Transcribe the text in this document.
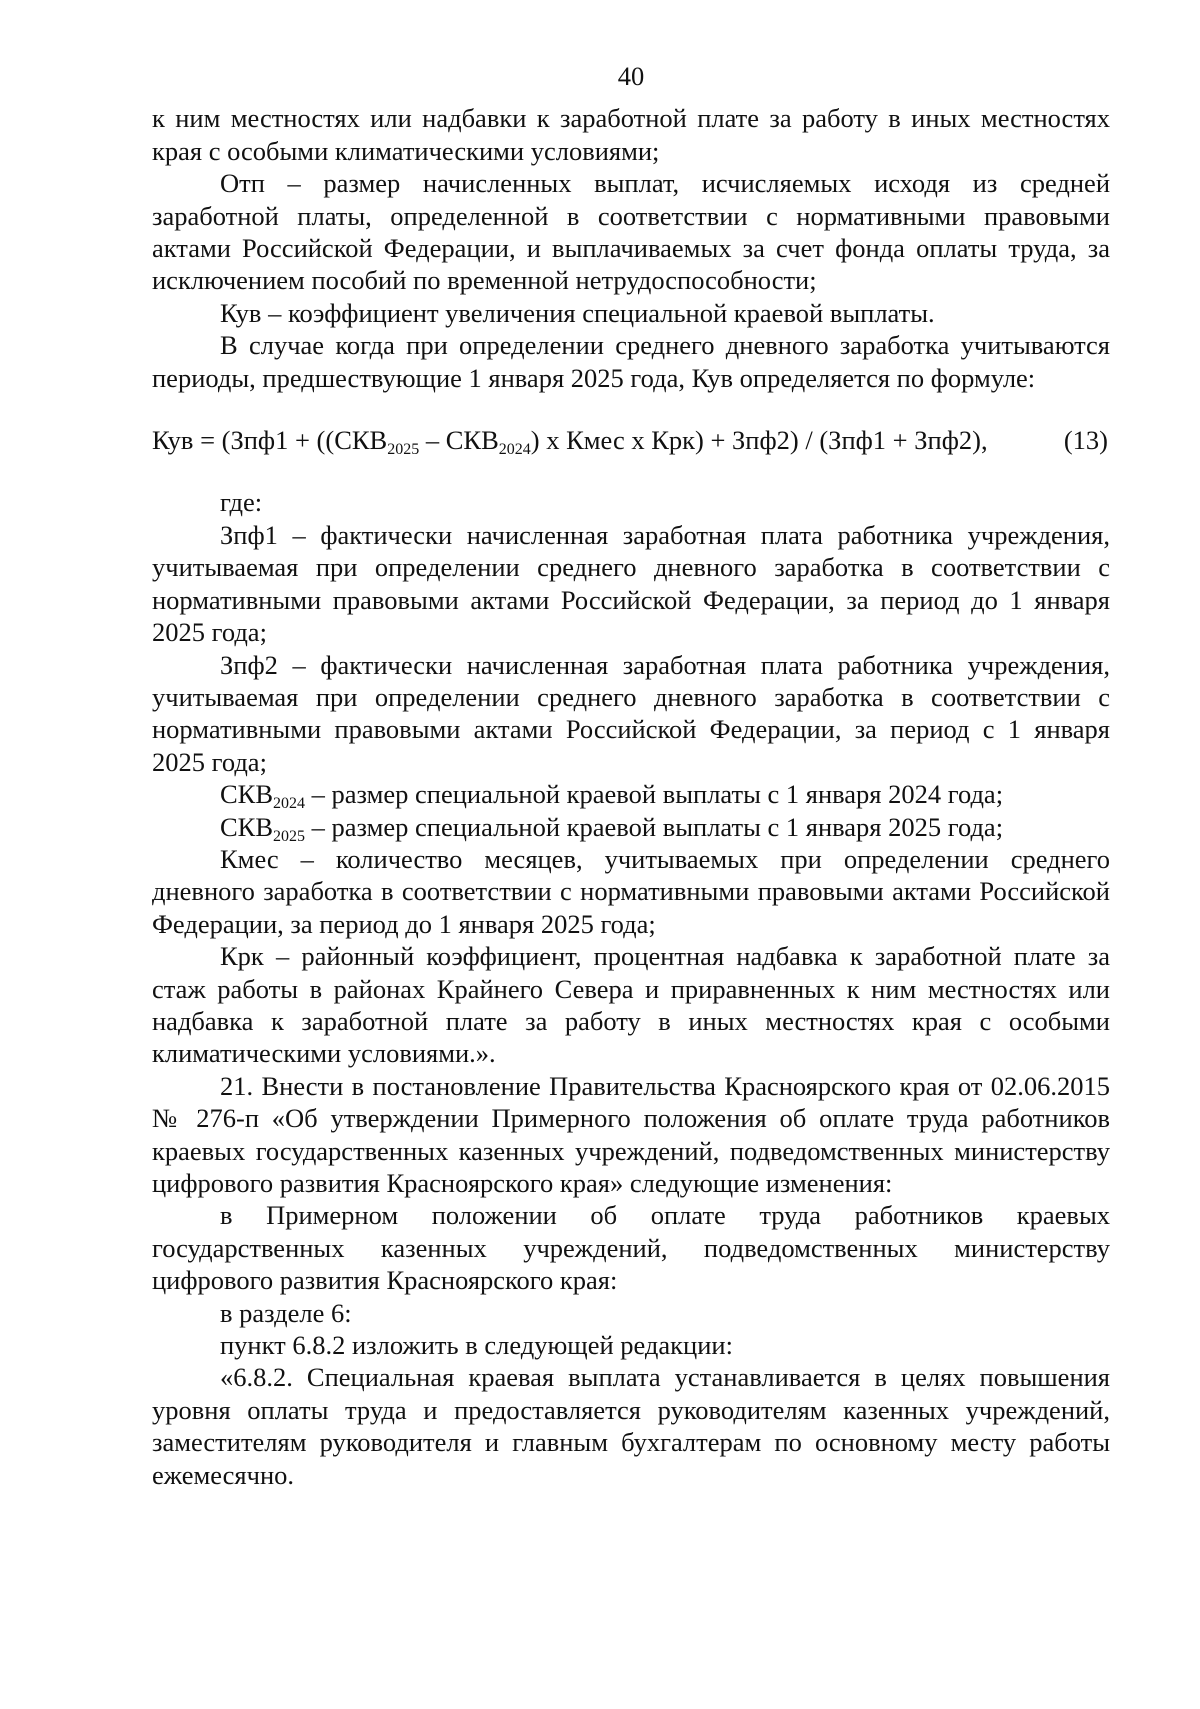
40

к ним местностях или надбавки к заработной плате за работу в иных местностях края с особыми климатическими условиями;

Отп – размер начисленных выплат, исчисляемых исходя из средней заработной платы, определенной в соответствии с нормативными правовыми актами Российской Федерации, и выплачиваемых за счет фонда оплаты труда, за исключением пособий по временной нетрудоспособности;

Кув – коэффициент увеличения специальной краевой выплаты.

В случае когда при определении среднего дневного заработка учитываются периоды, предшествующие 1 января 2025 года, Кув определяется по формуле:

Кув = ($Зпф1 + ((СКВ_{2025} - СКВ_{2024})$ х Кмес х Крк) + Зпф2) / (Зпф1 + Зпф2),	(13)

где:

Зпф1 – фактически начисленная заработная плата работника учреждения, учитываемая при определении среднего дневного заработка в соответствии с нормативными правовыми актами Российской Федерации, за период до 1 января 2025 года;

Зпф2 – фактически начисленная заработная плата работника учреждения, учитываемая при определении среднего дневного заработка в соответствии с нормативными правовыми актами Российской Федерации, за период с 1 января 2025 года;

$СКВ_{2024}$ – размер специальной краевой выплаты с 1 января 2024 года;

$СКВ_{2025}$ – размер специальной краевой выплаты с 1 января 2025 года;

Кмес – количество месяцев, учитываемых при определении среднего дневного заработка в соответствии с нормативными правовыми актами Российской Федерации, за период до 1 января 2025 года;

Крк – районный коэффициент, процентная надбавка к заработной плате за стаж работы в районах Крайнего Севера и приравненных к ним местностях или надбавка к заработной плате за работу в иных местностях края с особыми климатическими условиями.».

21. Внести в постановление Правительства Красноярского края от 02.06.2015 № 276-п «Об утверждении Примерного положения об оплате труда работников краевых государственных казенных учреждений, подведомственных министерству цифрового развития Красноярского края» следующие изменения:

в Примерном положении об оплате труда работников краевых государственных казенных учреждений, подведомственных министерству цифрового развития Красноярского края:

в разделе 6:

пункт 6.8.2 изложить в следующей редакции:

«6.8.2. Специальная краевая выплата устанавливается в целях повышения уровня оплаты труда и предоставляется руководителям казенных учреждений, заместителям руководителя и главным бухгалтерам по основному месту работы ежемесячно.
